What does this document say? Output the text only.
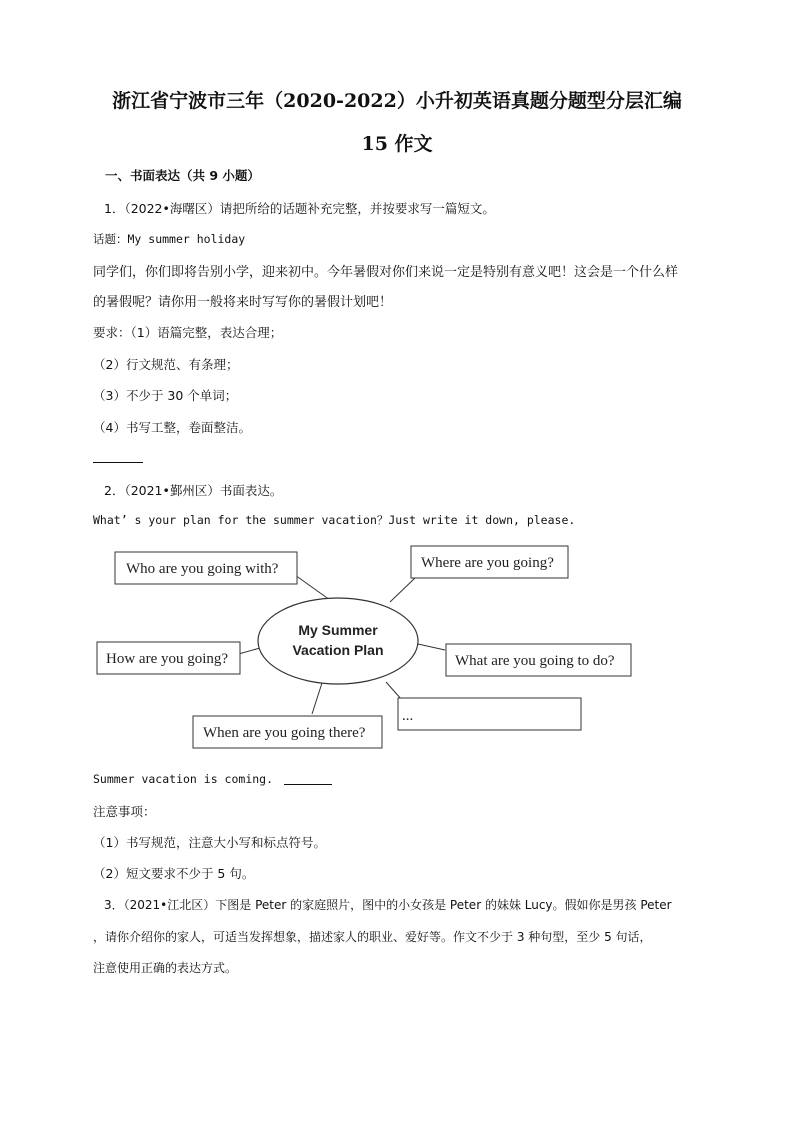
浙江省宁波市三年（2020-2022）小升初英语真题分题型分层汇编
15 作文
一、书面表达（共 9 小题）
1．（2022•海曙区）请把所给的话题补充完整，并按要求写一篇短文。
话题：My summer holiday
同学们，你们即将告别小学，迎来初中。今年暑假对你们来说一定是特别有意义吧！这会是一个什么样
的暑假呢？请你用一般将来时写写你的暑假计划吧！
要求：（1）语篇完整，表达合理；
（2）行文规范、有条理；
（3）不少于 30 个单词；
（4）书写工整，卷面整洁。
2．（2021•鄞州区）书面表达。
What’ s your plan for the summer vacation？Just write it down, please.
My Summer
Vacation Plan
Who are you going with?	Where are you going?
How are you going?	What are you going to do?
When are you going there?
...
Summer vacation is coming.
注意事项：
（1）书写规范，注意大小写和标点符号。
（2）短文要求不少于 5 句。
3．（2021•江北区）下图是 Peter 的家庭照片，图中的小女孩是 Peter 的妹妹 Lucy。假如你是男孩 Peter
，请你介绍你的家人，可适当发挥想象，描述家人的职业、爱好等。作文不少于 3 种句型，至少 5 句话，
注意使用正确的表达方式。
